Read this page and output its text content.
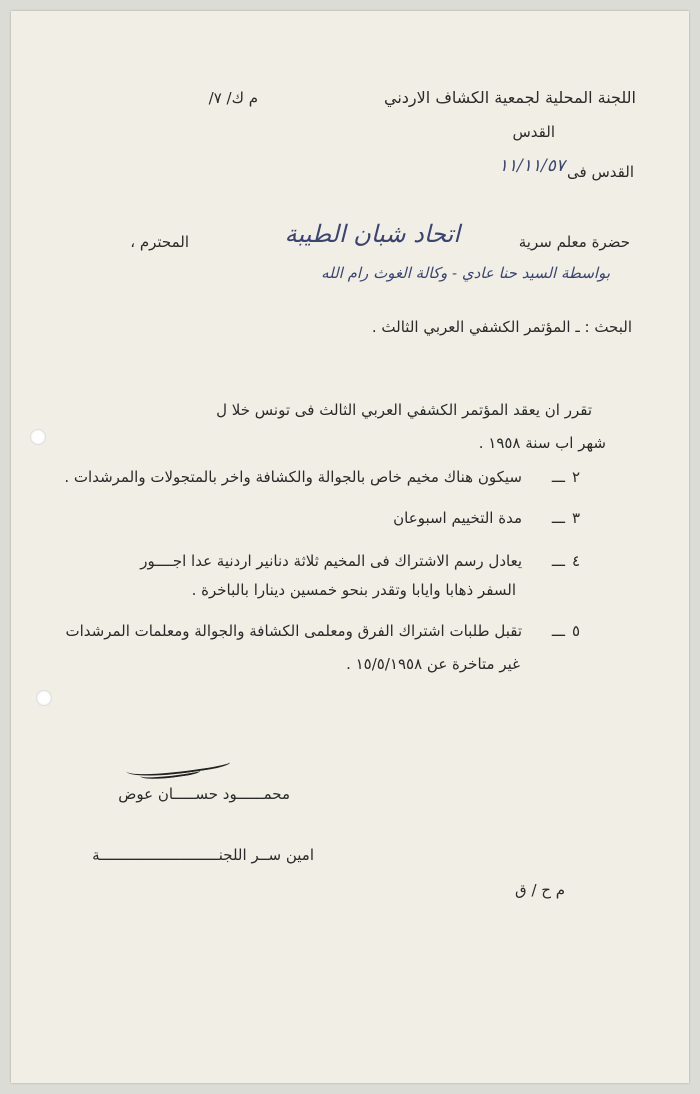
اللجنة المحلية لجمعية الكشاف الاردني
القدس
م ك/ ٧/
القدس فى
١١/١١/٥٧
حضرة معلم سرية
اتحاد شبان الطيبة
المحترم ،
بواسطة السيد حنا عادي - وكالة الغوث رام الله
البحث : ـ المؤتمر الكشفي العربي الثالث .
تقرر ان يعقد المؤتمر الكشفي العربي الثالث فى تونس خلا ل
شهر اب سنة ١٩٥٨ .
٢
ـــ
سيكون هناك مخيم خاص بالجوالة والكشافة واخر بالمتجولات والمرشدات .
٣
ـــ
مدة التخييم اسبوعان
٤
ـــ
يعادل رسم الاشتراك فى المخيم ثلاثة دنانير اردنية عدا اجــــور
السفر ذهابا وايابا وتقدر بنحو خمسين دينارا بالباخرة .
٥
ـــ
تقبل طلبات اشتراك الفرق ومعلمى الكشافة والجوالة ومعلمات المرشدات
غير متاخرة عن ١٥/٥/١٩٥٨ .
محمــــــود حســـــان عوض
امين ســر اللجنـــــــــــــــــــــــــــة
م ح / ق
